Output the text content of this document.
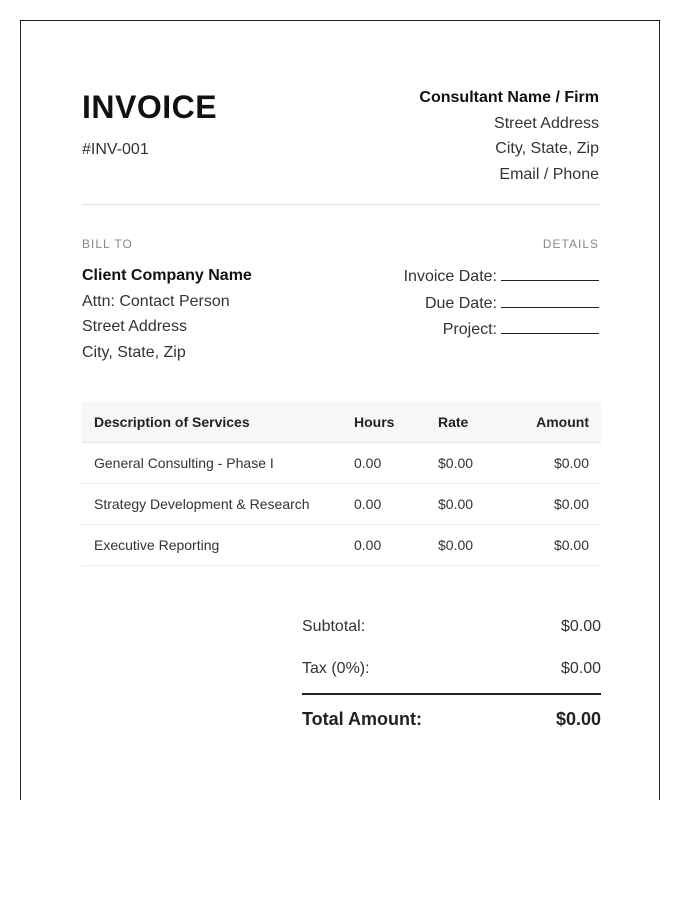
INVOICE
#INV-001
Consultant Name / Firm
Street Address
City, State, Zip
Email / Phone
BILL TO	DETAILS
Client Company Name
Attn: Contact Person
Street Address
City, State, Zip
Invoice Date:
Due Date:
Project:
Description of Services	Hours	Rate	Amount
General Consulting - Phase I	0.00	$0.00	$0.00
Strategy Development & Research	0.00	$0.00	$0.00
Executive Reporting	0.00	$0.00	$0.00
Subtotal:	$0.00
Tax (0%):	$0.00
Total Amount:	$0.00
